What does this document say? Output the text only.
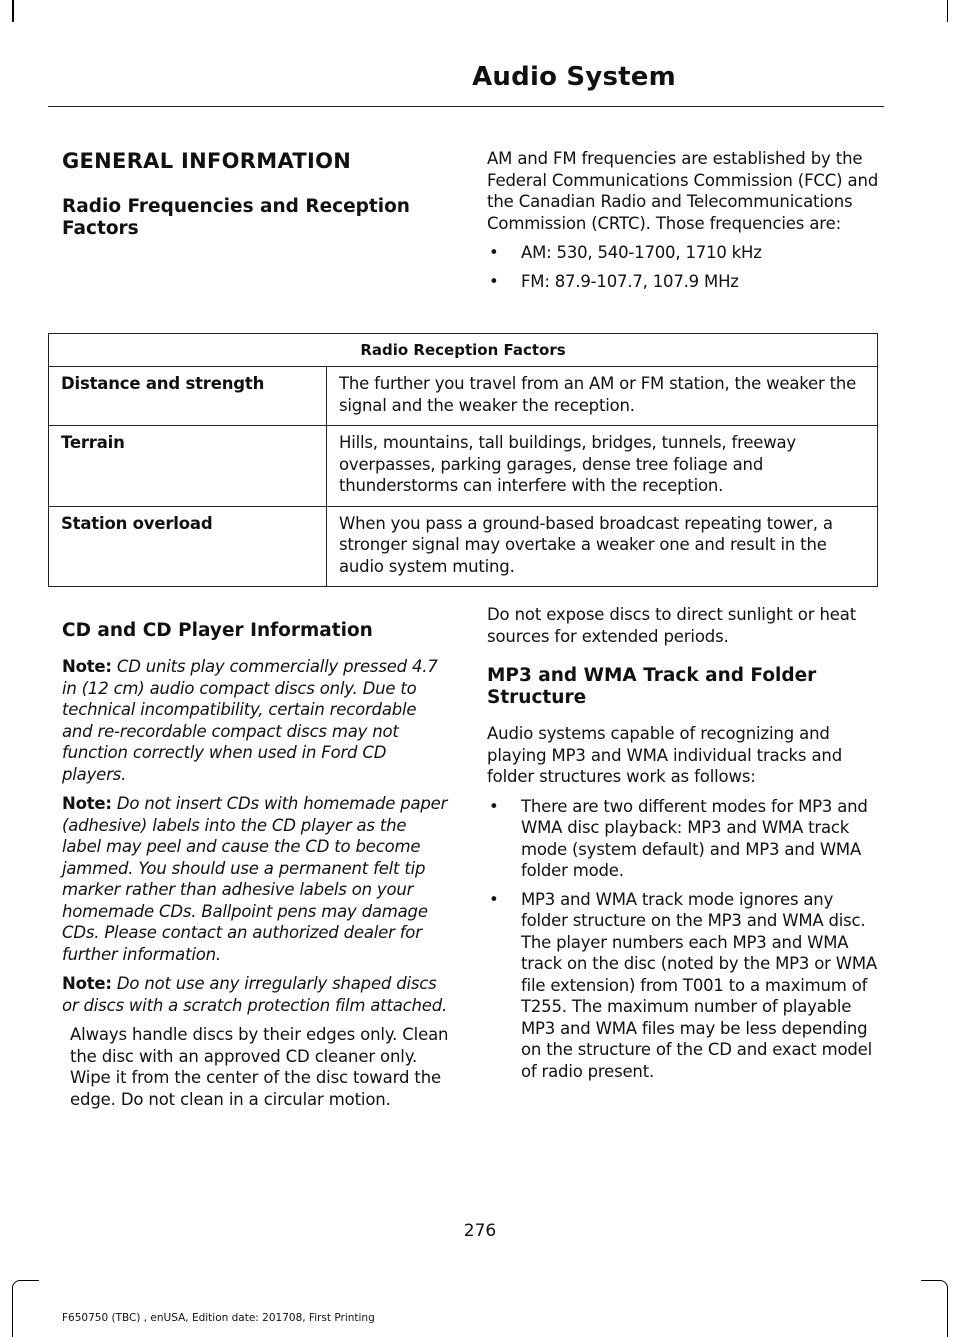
Audio System
GENERAL INFORMATION
Radio Frequencies and Reception Factors

AM and FM frequencies are established by the Federal Communications Commission (FCC) and the Canadian Radio and Telecommunications Commission (CRTC). Those frequencies are:

• AM: 530, 540-1700, 1710 kHz
• FM: 87.9-107.7, 107.9 MHz
Radio Reception Factors	
Distance and strength	The further you travel from an AM or FM station, the weaker the signal and the weaker the reception.
Terrain	Hills, mountains, tall buildings, bridges, tunnels, freeway overpasses, parking garages, dense tree foliage and thunderstorms can interfere with the reception.
Station overload	When you pass a ground-based broadcast repeating tower, a stronger signal may overtake a weaker one and result in the audio system muting.
CD and CD Player Information

Note: CD units play commercially pressed 4.7 in (12 cm) audio compact discs only. Due to technical incompatibility, certain recordable and re-recordable compact discs may not function correctly when used in Ford CD players.

Note: Do not insert CDs with homemade paper (adhesive) labels into the CD player as the label may peel and cause the CD to become jammed. You should use a permanent felt tip marker rather than adhesive labels on your homemade CDs. Ballpoint pens may damage CDs. Please contact an authorized dealer for further information.

Note: Do not use any irregularly shaped discs or discs with a scratch protection film attached.

Always handle discs by their edges only. Clean the disc with an approved CD cleaner only. Wipe it from the center of the disc toward the edge. Do not clean in a circular motion.

Do not expose discs to direct sunlight or heat sources for extended periods.

MP3 and WMA Track and Folder Structure

Audio systems capable of recognizing and playing MP3 and WMA individual tracks and folder structures work as follows:

• There are two different modes for MP3 and WMA disc playback: MP3 and WMA track mode (system default) and MP3 and WMA folder mode.
• MP3 and WMA track mode ignores any folder structure on the MP3 and WMA disc. The player numbers each MP3 and WMA track on the disc (noted by the MP3 or WMA file extension) from T001 to a maximum of T255. The maximum number of playable MP3 and WMA files may be less depending on the structure of the CD and exact model of radio present.

276

F650750 (TBC) , enUSA, Edition date: 201708, First Printing
